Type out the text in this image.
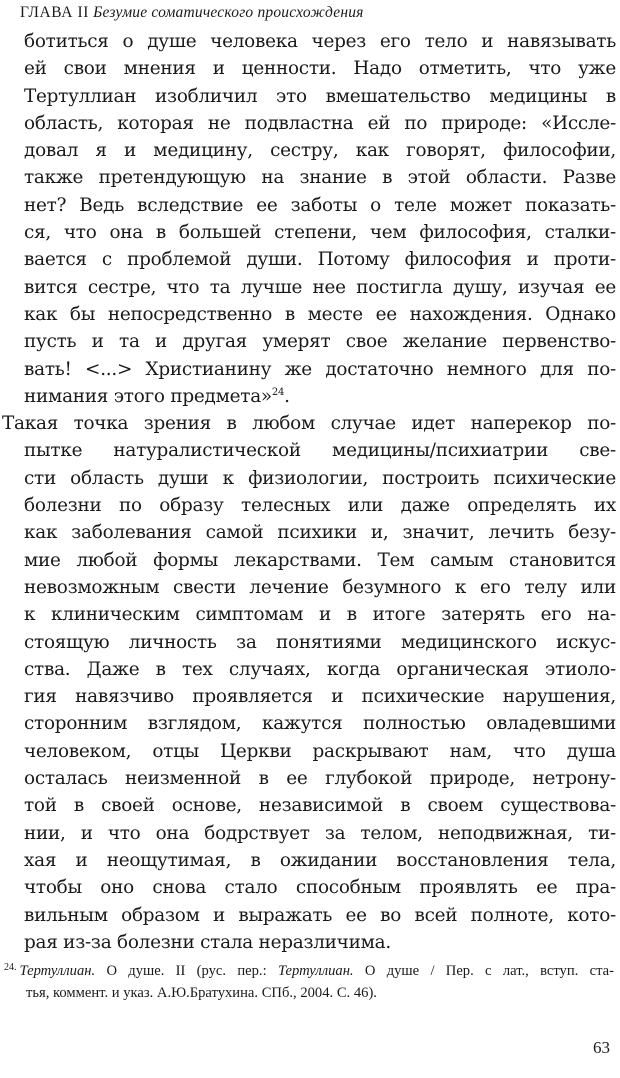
ГЛАВА II Безумие соматического происхождения
ботиться о душе человека через его тело и навязывать
ей свои мнения и ценности. Надо отметить, что уже
Тертуллиан изобличил это вмешательство медицины в
область, которая не подвластна ей по природе: «Иссле-
довал я и медицину, сестру, как говорят, философии,
также претендующую на знание в этой области. Разве
нет? Ведь вследствие ее заботы о теле может показать-
ся, что она в большей степени, чем философия, сталки-
вается с проблемой души. Потому философия и проти-
вится сестре, что та лучше нее постигла душу, изучая ее
как бы непосредственно в месте ее нахождения. Однако
пусть и та и другая умерят свое желание первенство-
вать! <...> Христианину же достаточно немного для по-
нимания этого предмета»$^{24}$.
Такая точка зрения в любом случае идет наперекор по-
пытке натуралистической медицины/психиатрии све-
сти область души к физиологии, построить психические
болезни по образу телесных или даже определять их
как заболевания самой психики и, значит, лечить безу-
мие любой формы лекарствами. Тем самым становится
невозможным свести лечение безумного к его телу или
к клиническим симптомам и в итоге затерять его на-
стоящую личность за понятиями медицинского искус-
ства. Даже в тех случаях, когда органическая этиоло-
гия навязчиво проявляется и психические нарушения,
сторонним взглядом, кажутся полностью овладевшими
человеком, отцы Церкви раскрывают нам, что душа
осталась неизменной в ее глубокой природе, нетрону-
той в своей основе, независимой в своем существова-
нии, и что она бодрствует за телом, неподвижная, ти-
хая и неощутимая, в ожидании восстановления тела,
чтобы оно снова стало способным проявлять ее пра-
вильным образом и выражать ее во всей полноте, кото-
рая из-за болезни стала неразличима.
$^{24.}$ Тертуллиан. О душе. II (рус. пер.: Тертуллиан. О душе / Пер. с лат., вступ. ста-
тья, коммент. и указ. А.Ю.Братухина. СПб., 2004. С. 46).
63
